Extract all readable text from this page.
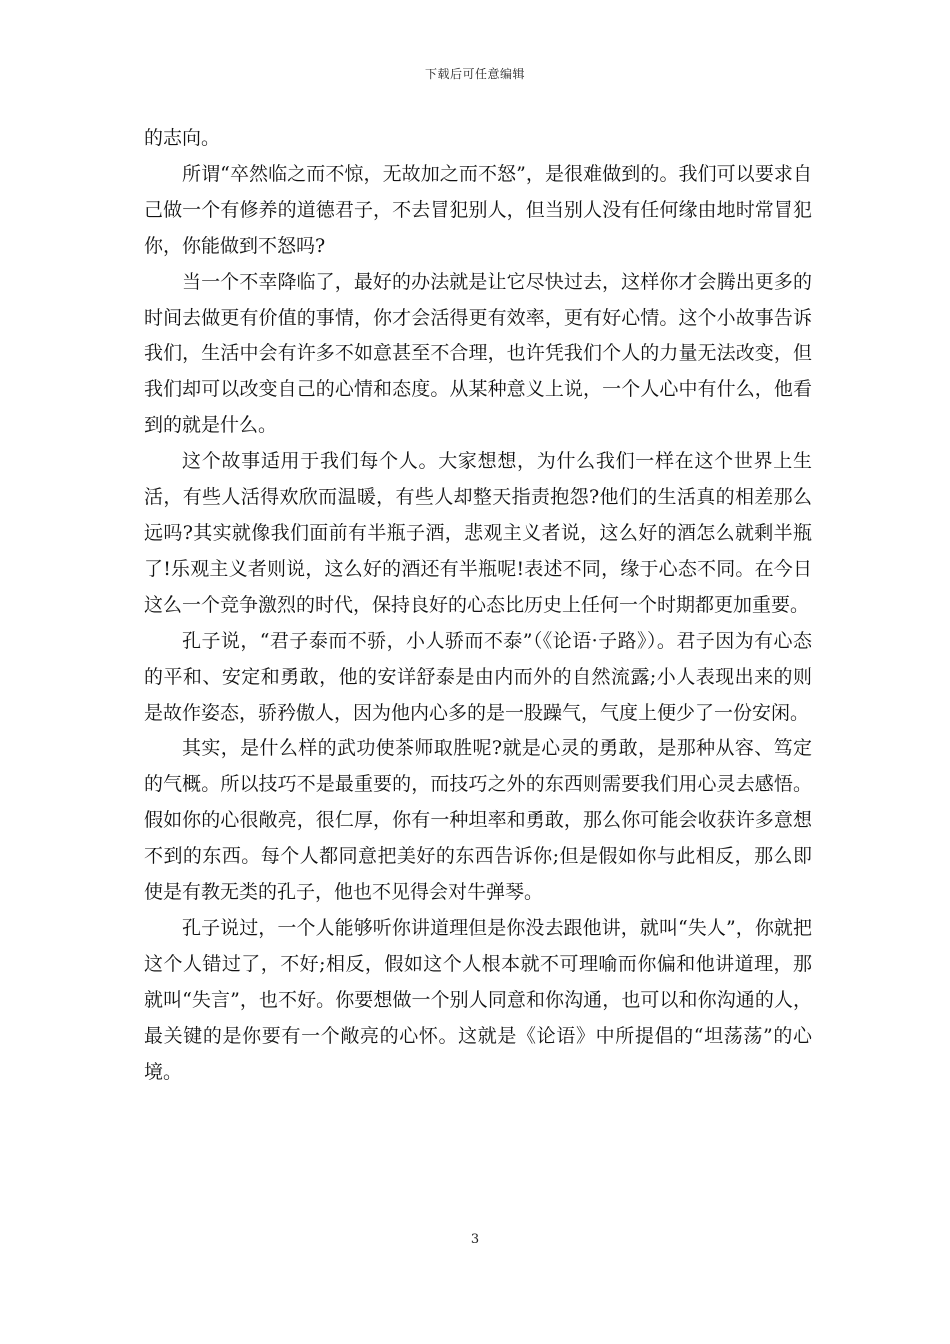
下载后可任意编辑

的志向。

所谓“卒然临之而不惊，无故加之而不怒”，是很难做到的。我们可以要求自己做一个有修养的道德君子，不去冒犯别人，但当别人没有任何缘由地时常冒犯你，你能做到不怒吗?

当一个不幸降临了，最好的办法就是让它尽快过去，这样你才会腾出更多的时间去做更有价值的事情，你才会活得更有效率，更有好心情。这个小故事告诉我们，生活中会有许多不如意甚至不合理，也许凭我们个人的力量无法改变，但我们却可以改变自己的心情和态度。从某种意义上说，一个人心中有什么，他看到的就是什么。

这个故事适用于我们每个人。大家想想，为什么我们一样在这个世界上生活，有些人活得欢欣而温暖，有些人却整天指责抱怨?他们的生活真的相差那么远吗?其实就像我们面前有半瓶子酒，悲观主义者说，这么好的酒怎么就剩半瓶了!乐观主义者则说，这么好的酒还有半瓶呢!表述不同，缘于心态不同。在今日这么一个竞争激烈的时代，保持良好的心态比历史上任何一个时期都更加重要。

孔子说，“君子泰而不骄，小人骄而不泰”（《论语·子路》）。君子因为有心态的平和、安定和勇敢，他的安详舒泰是由内而外的自然流露;小人表现出来的则是故作姿态，骄矜傲人，因为他内心多的是一股躁气，气度上便少了一份安闲。

其实，是什么样的武功使茶师取胜呢?就是心灵的勇敢，是那种从容、笃定的气概。所以技巧不是最重要的，而技巧之外的东西则需要我们用心灵去感悟。假如你的心很敞亮，很仁厚，你有一种坦率和勇敢，那么你可能会收获许多意想不到的东西。每个人都同意把美好的东西告诉你;但是假如你与此相反，那么即使是有教无类的孔子，他也不见得会对牛弹琴。

孔子说过，一个人能够听你讲道理但是你没去跟他讲，就叫“失人”，你就把这个人错过了，不好;相反，假如这个人根本就不可理喻而你偏和他讲道理，那就叫“失言”，也不好。你要想做一个别人同意和你沟通，也可以和你沟通的人，最关键的是你要有一个敞亮的心怀。这就是《论语》中所提倡的“坦荡荡”的心境。

3
